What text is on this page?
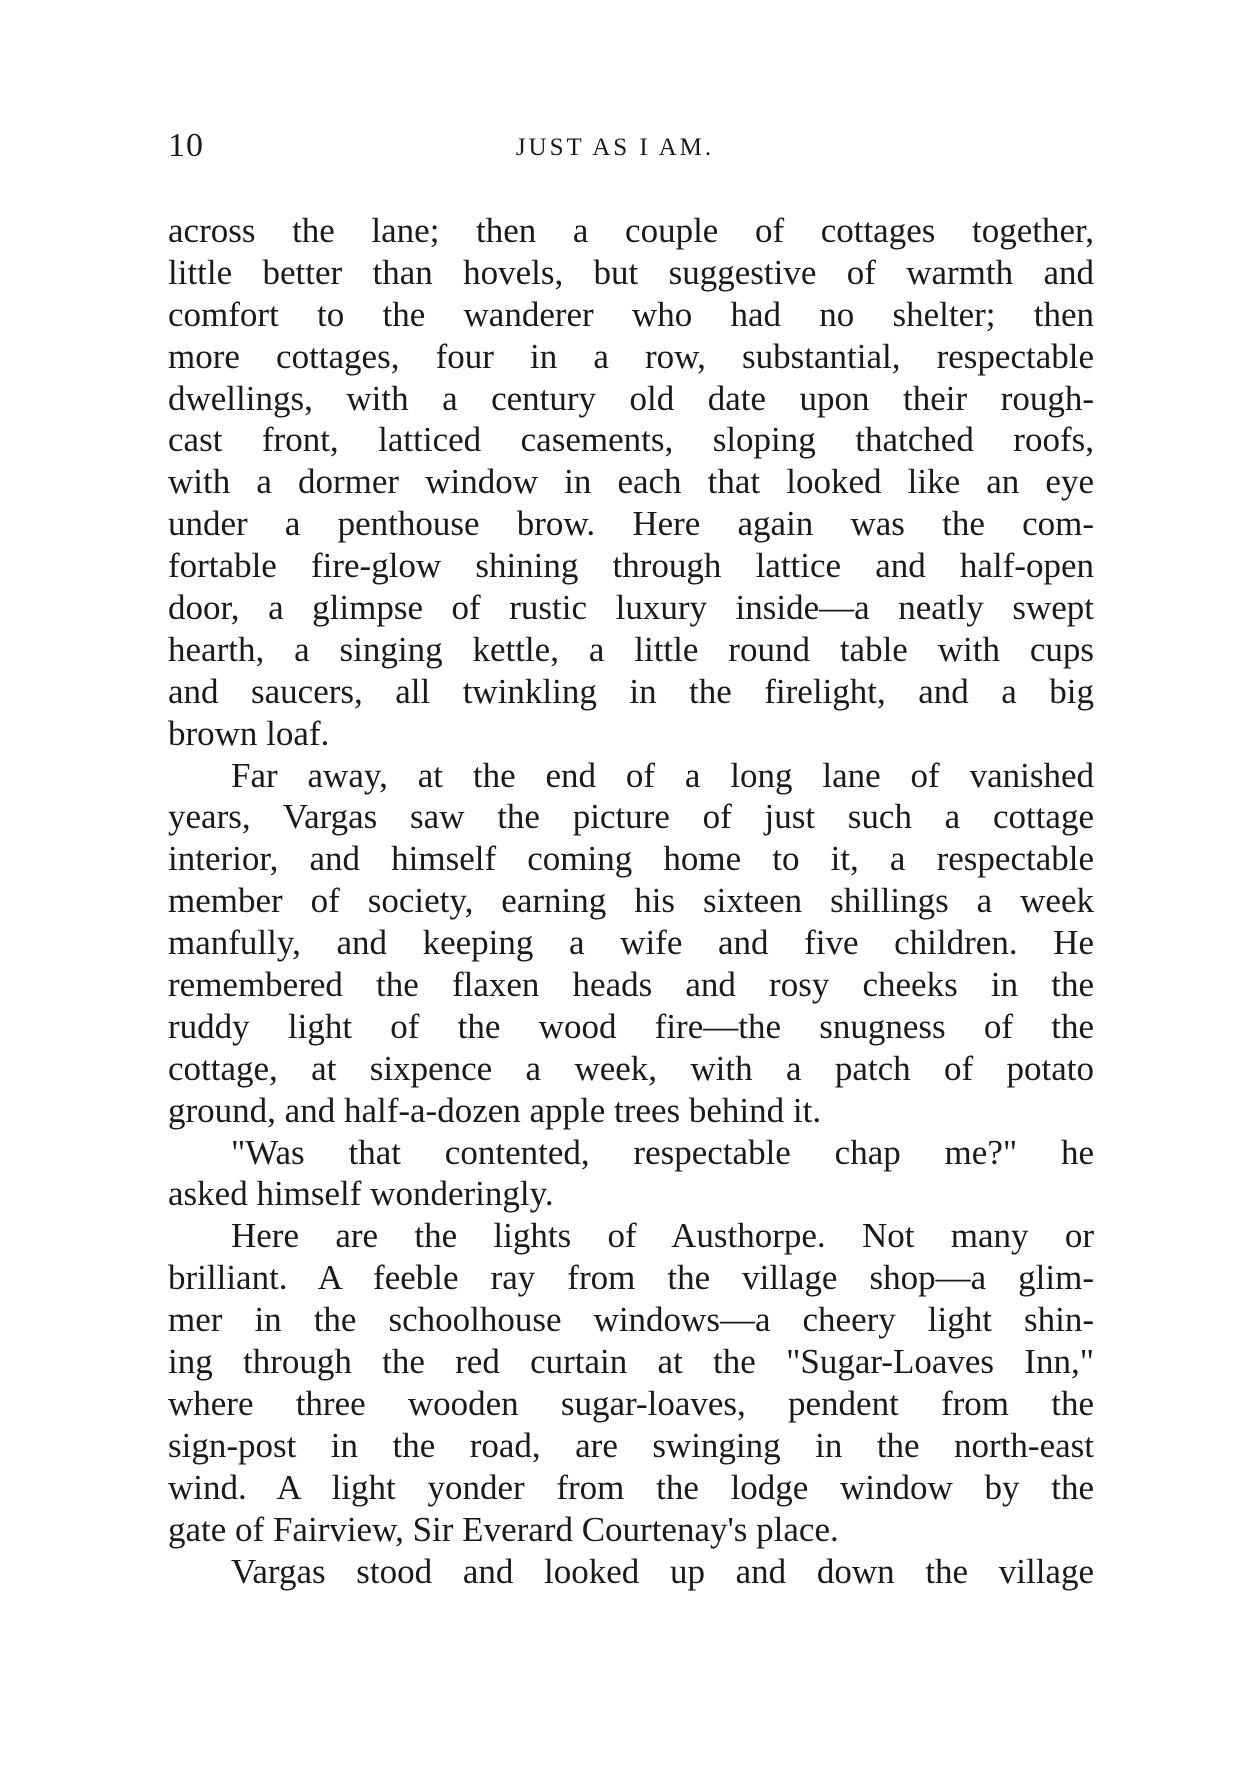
10	JUST AS I AM.
across the lane; then a couple of cottages together,
little better than hovels, but suggestive of warmth and
comfort to the wanderer who had no shelter; then
more cottages, four in a row, substantial, respectable
dwellings, with a century old date upon their rough-
cast front, latticed casements, sloping thatched roofs,
with a dormer window in each that looked like an eye
under a penthouse brow. Here again was the com-
fortable fire-glow shining through lattice and half-open
door, a glimpse of rustic luxury inside—a neatly swept
hearth, a singing kettle, a little round table with cups
and saucers, all twinkling in the firelight, and a big
brown loaf.
Far away, at the end of a long lane of vanished
years, Vargas saw the picture of just such a cottage
interior, and himself coming home to it, a respectable
member of society, earning his sixteen shillings a week
manfully, and keeping a wife and five children. He
remembered the flaxen heads and rosy cheeks in the
ruddy light of the wood fire—the snugness of the
cottage, at sixpence a week, with a patch of potato
ground, and half-a-dozen apple trees behind it.
"Was that contented, respectable chap me?" he
asked himself wonderingly.
Here are the lights of Austhorpe. Not many or
brilliant. A feeble ray from the village shop—a glim-
mer in the schoolhouse windows—a cheery light shin-
ing through the red curtain at the "Sugar-Loaves Inn,"
where three wooden sugar-loaves, pendent from the
sign-post in the road, are swinging in the north-east
wind. A light yonder from the lodge window by the
gate of Fairview, Sir Everard Courtenay's place.
Vargas stood and looked up and down the village
